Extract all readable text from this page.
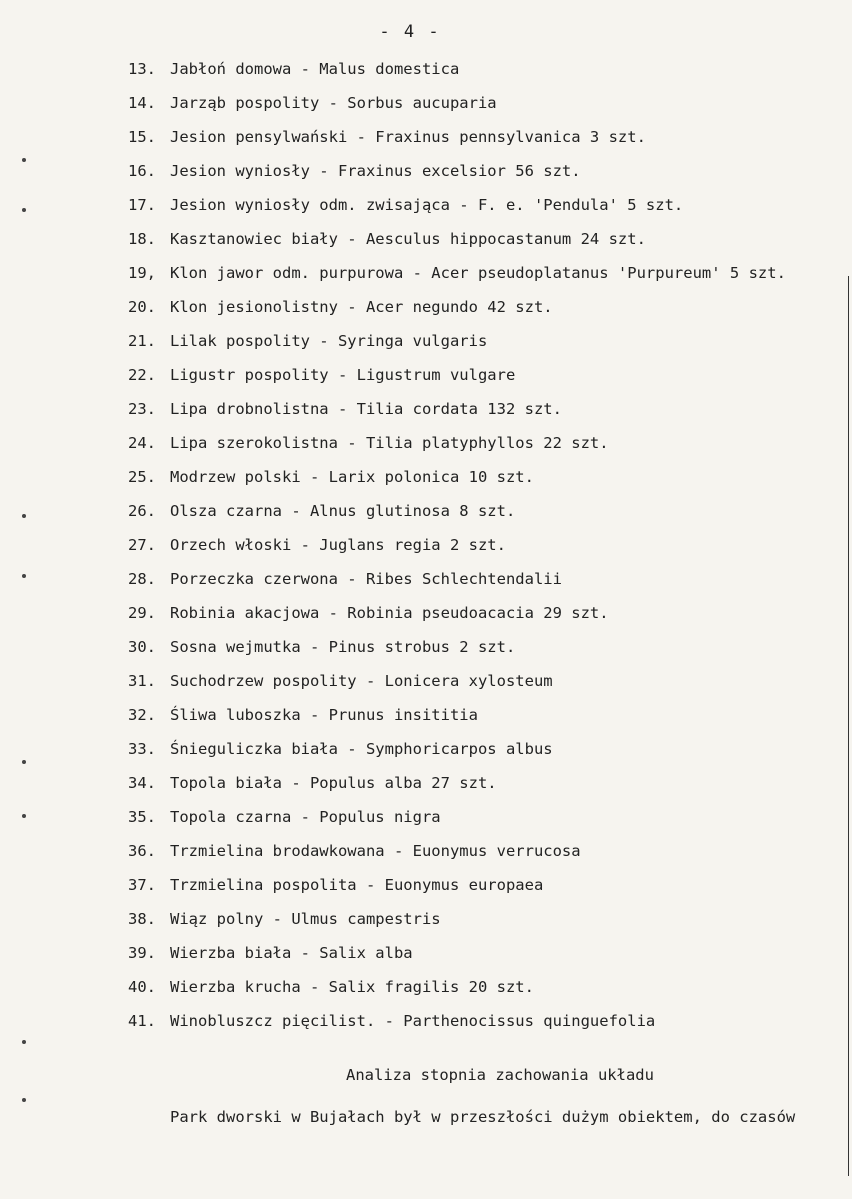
- 4 -
13. Jabłoń domowa - Malus domestica
14. Jarząb pospolity - Sorbus aucuparia
15. Jesion pensylwański - Fraxinus pennsylvanica 3 szt.
16. Jesion wyniosły - Fraxinus excelsior 56 szt.
17. Jesion wyniosły odm. zwisająca - F. e. 'Pendula' 5 szt.
18. Kasztanowiec biały - Aesculus hippocastanum 24 szt.
19, Klon jawor odm. purpurowa - Acer pseudoplatanus 'Purpureum' 5 szt.
20. Klon jesionolistny - Acer negundo 42 szt.
21. Lilak pospolity - Syringa vulgaris
22. Ligustr pospolity - Ligustrum vulgare
23. Lipa drobnolistna - Tilia cordata 132 szt.
24. Lipa szerokolistna - Tilia platyphyllos 22 szt.
25. Modrzew polski - Larix polonica 10 szt.
26. Olsza czarna - Alnus glutinosa 8 szt.
27. Orzech włoski - Juglans regia 2 szt.
28. Porzeczka czerwona - Ribes Schlechtendalii
29. Robinia akacjowa - Robinia pseudoacacia 29 szt.
30. Sosna wejmutka - Pinus strobus 2 szt.
31. Suchodrzew pospolity - Lonicera xylosteum
32. Śliwa luboszka - Prunus insititia
33. Śnieguliczka biała - Symphoricarpos albus
34. Topola biała - Populus alba 27 szt.
35. Topola czarna - Populus nigra
36. Trzmielina brodawkowana - Euonymus verrucosa
37. Trzmielina pospolita - Euonymus europaea
38. Wiąz polny - Ulmus campestris
39. Wierzba biała - Salix alba
40. Wierzba krucha - Salix fragilis 20 szt.
41. Winobluszcz pięcilist. - Parthenocissus quinguefolia
Analiza stopnia zachowania układu
Park dworski w Bujałach był w przeszłości dużym obiektem, do czasów
